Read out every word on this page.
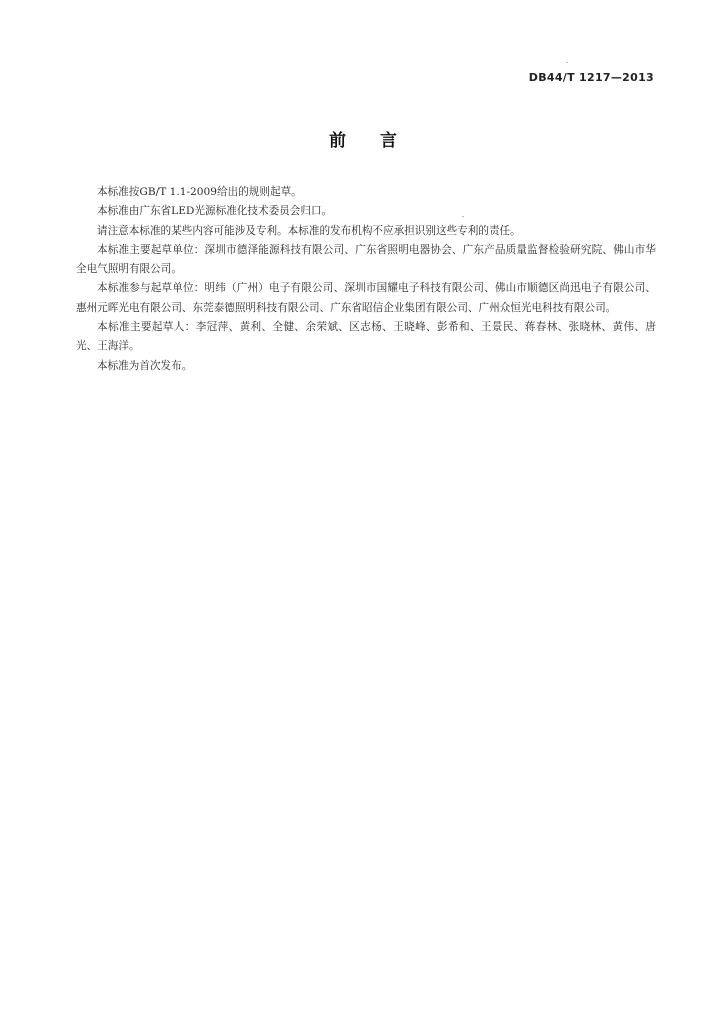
DB44/T 1217—2013
前 言

本标准按GB/T 1.1-2009给出的规则起草。

本标准由广东省LED光源标准化技术委员会归口。

请注意本标准的某些内容可能涉及专利。本标准的发布机构不应承担识别这些专利的责任。

本标准主要起草单位：深圳市德泽能源科技有限公司、广东省照明电器协会、广东产品质量监督检验研究院、佛山市华全电气照明有限公司。

本标准参与起草单位：明纬（广州）电子有限公司、深圳市国耀电子科技有限公司、佛山市顺德区尚迅电子有限公司、惠州元晖光电有限公司、东莞泰德照明科技有限公司、广东省昭信企业集团有限公司、广州众恒光电科技有限公司。

本标准主要起草人：李冠萍、黄利、全健、余荣斌、区志杨、王晓峰、彭希和、王景民、蒋春林、张晓林、黄伟、唐光、王海洋。

本标准为首次发布。
